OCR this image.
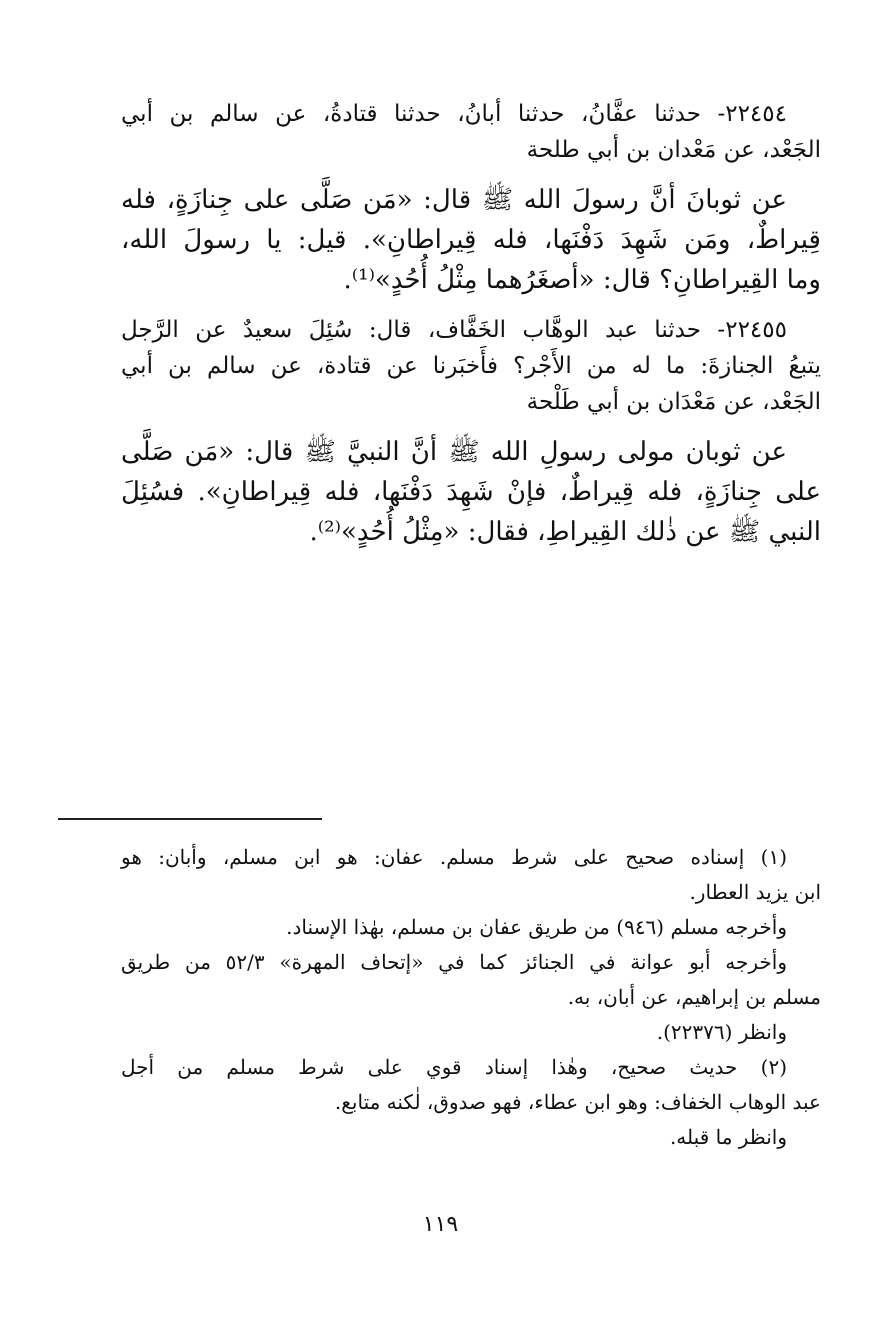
٢٢٤٥٤- حدثنا عفَّانُ، حدثنا أبانُ، حدثنا قتادةُ، عن سالم بن أبي
الجَعْد، عن مَعْدان بن أبي طلحة
عن ثوبانَ أنَّ رسولَ الله ﷺ قال: «مَن صَلَّى على جِنازَةٍ، فله
قِيراطٌ، ومَن شَهِدَ دَفْنَها، فله قِيراطانِ». قيل: يا رسولَ الله،
وما القِيراطانِ؟ قال: «أصغَرُهما مِثْلُ أُحُدٍ»⁽¹⁾.
٢٢٤٥٥- حدثنا عبد الوهَّاب الخَفَّاف، قال: سُئِلَ سعيدٌ عن الرَّجل
يتبعُ الجنازةَ: ما له من الأَجْر؟ فأَخبَرنا عن قتادة، عن سالم بن أبي
الجَعْد، عن مَعْدَان بن أبي طَلْحة
عن ثوبان مولى رسولِ الله ﷺ أنَّ النبيَّ ﷺ قال: «مَن صَلَّى
على جِنازَةٍ، فله قِيراطٌ، فإنْ شَهِدَ دَفْنَها، فله قِيراطانِ». فسُئِلَ
النبي ﷺ عن ذٰلك القِيراطِ، فقال: «مِثْلُ أُحُدٍ»⁽²⁾.
(١) إسناده صحيح على شرط مسلم. عفان: هو ابن مسلم، وأبان: هو
ابن يزيد العطار.
وأخرجه مسلم (٩٤٦) من طريق عفان بن مسلم، بهٰذا الإسناد.
وأخرجه أبو عوانة في الجنائز كما في «إتحاف المهرة» ٥٢/٣ من طريق
مسلم بن إبراهيم، عن أبان، به.
وانظر (٢٢٣٧٦).
(٢) حديث صحيح، وهٰذا إسناد قوي على شرط مسلم من أجل
عبد الوهاب الخفاف: وهو ابن عطاء، فهو صدوق، لٰكنه متابع.
وانظر ما قبله.
١١٩
